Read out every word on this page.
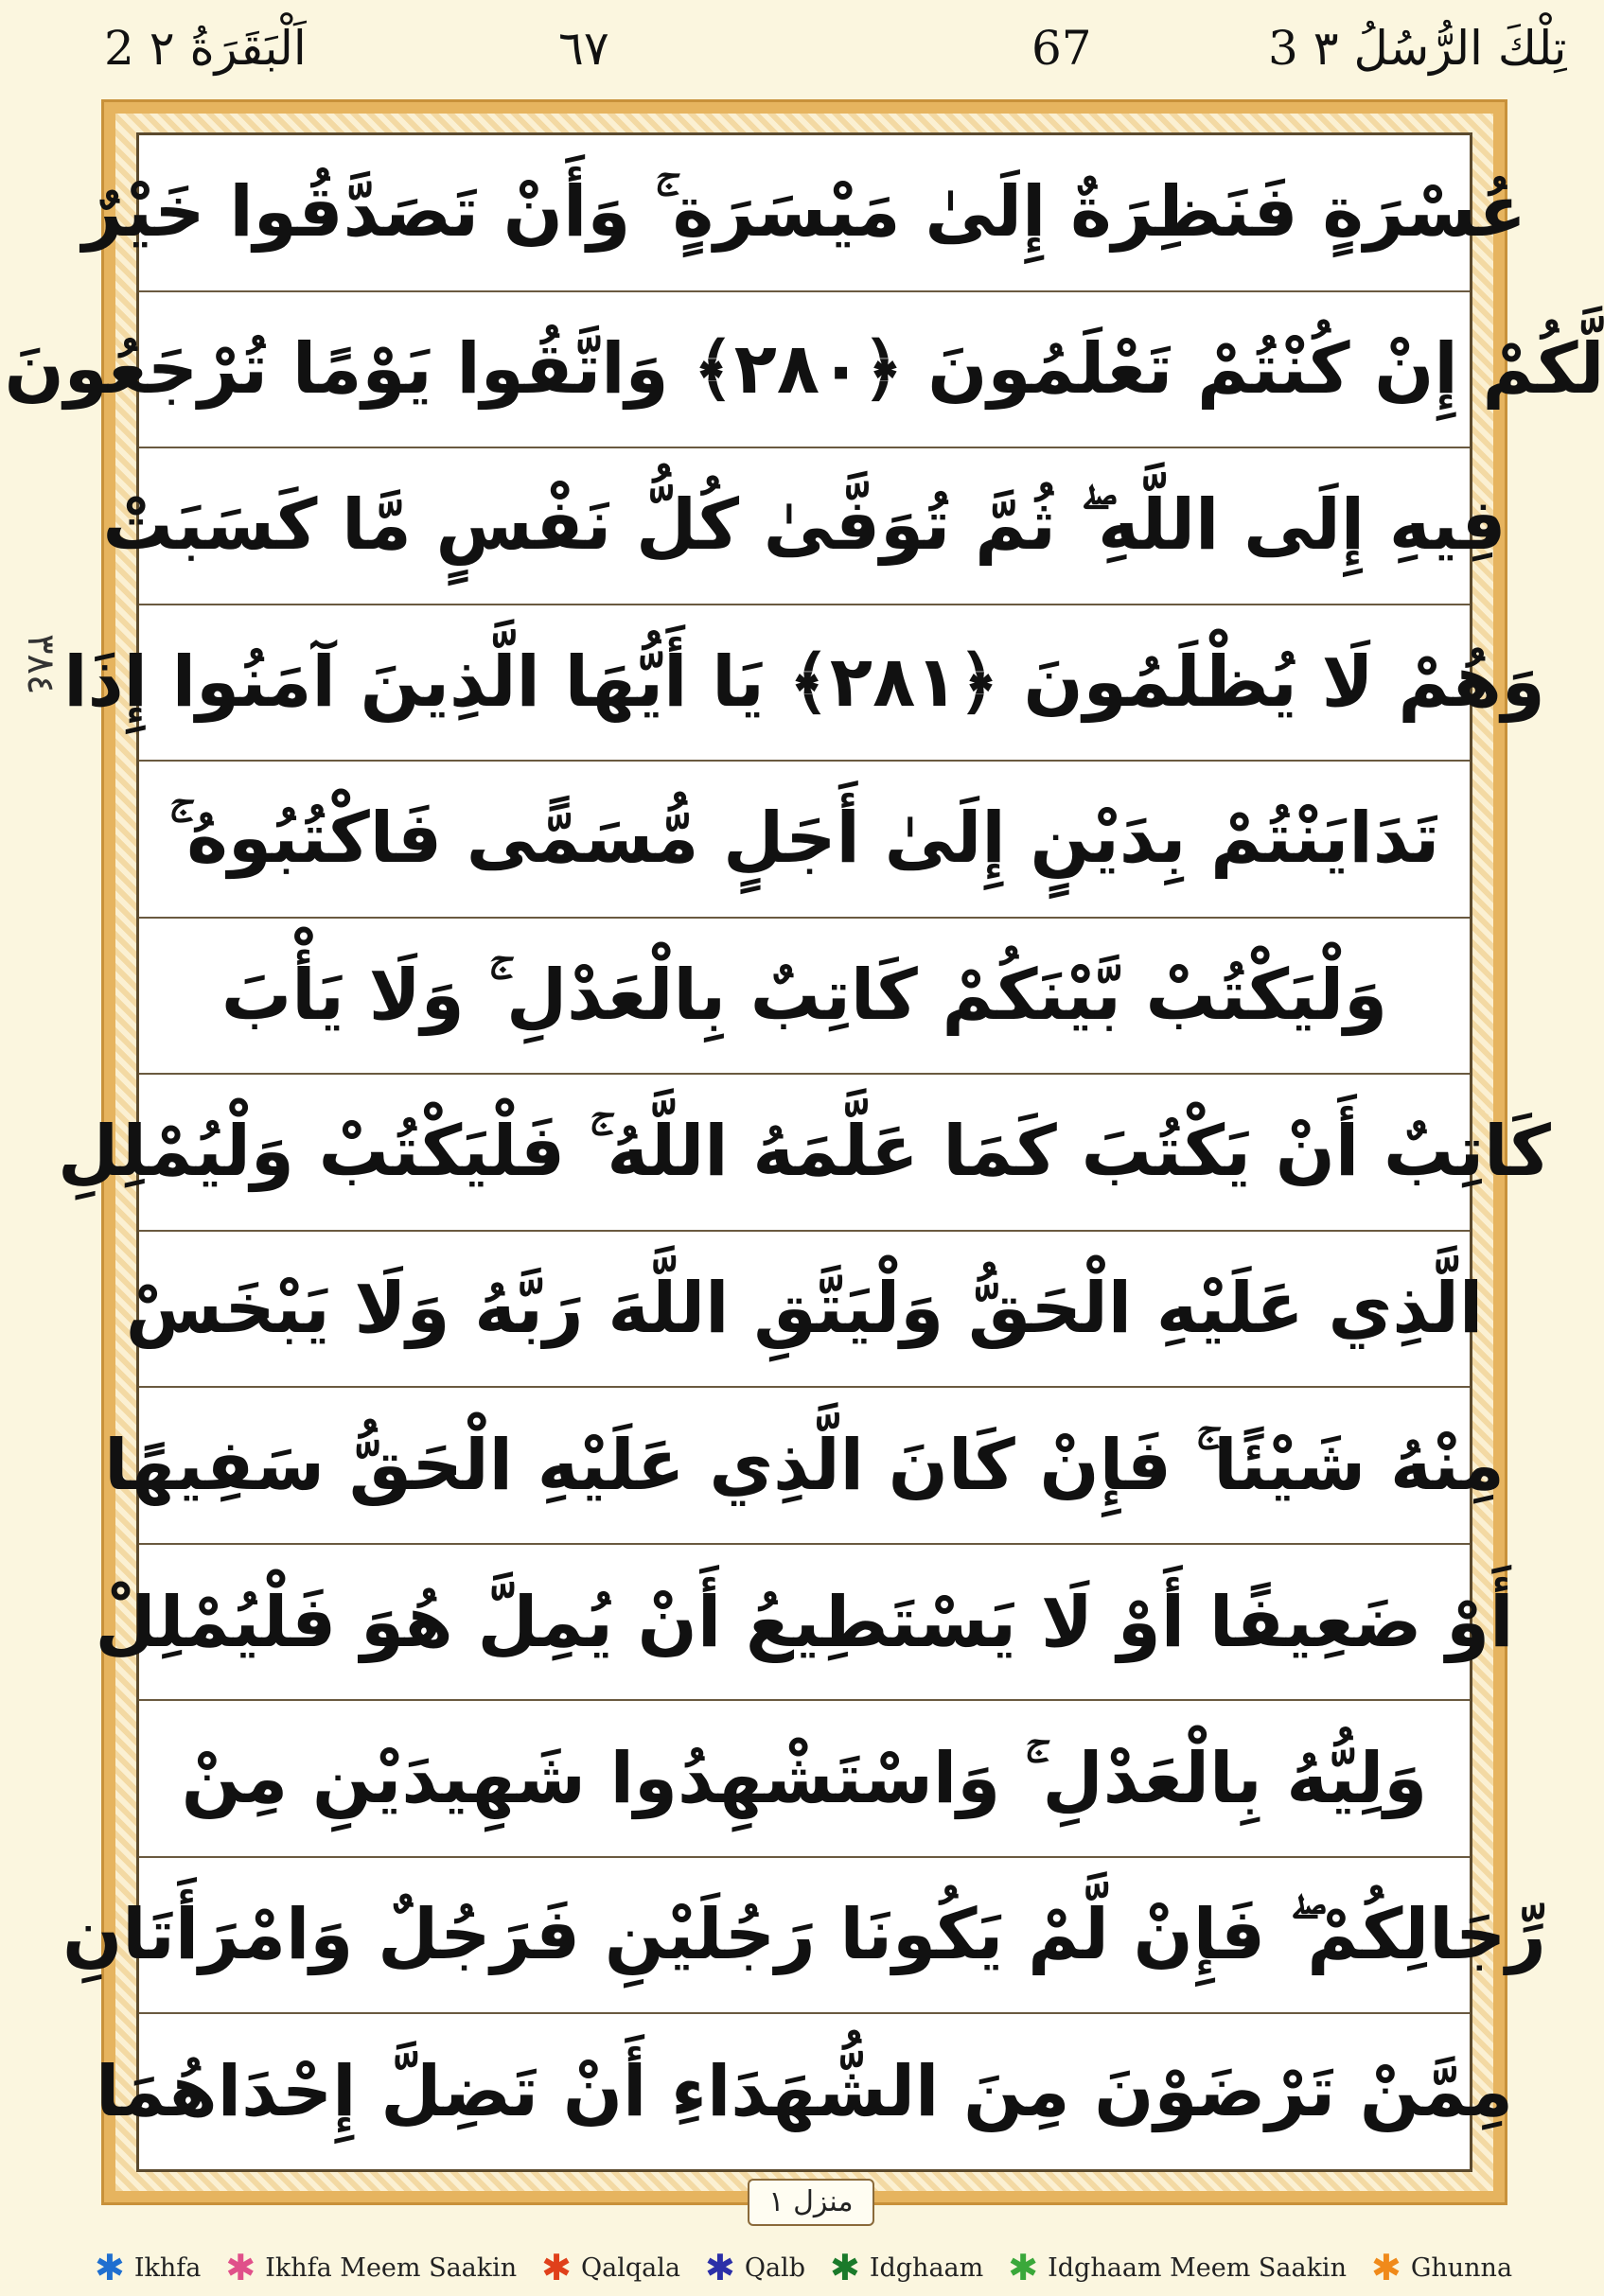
2 اَلْبَقَرَةُ ٢	٦٧	67	3 تِلْكَ الرُّسُلُ ٣
٣٨٤
عُسْرَةٍ فَنَظِرَةٌ إِلَىٰ مَيْسَرَةٍ ۚ وَأَنْ تَصَدَّقُوا خَيْرٌ
لَّكُمْ إِنْ كُنْتُمْ تَعْلَمُونَ ﴿٢٨٠﴾ وَاتَّقُوا يَوْمًا تُرْجَعُونَ
فِيهِ إِلَى اللَّهِ ۖ ثُمَّ تُوَفَّىٰ كُلُّ نَفْسٍ مَّا كَسَبَتْ
وَهُمْ لَا يُظْلَمُونَ ﴿٢٨١﴾ يَا أَيُّهَا الَّذِينَ آمَنُوا إِذَا
تَدَايَنْتُمْ بِدَيْنٍ إِلَىٰ أَجَلٍ مُّسَمًّى فَاكْتُبُوهُ ۚ
وَلْيَكْتُبْ بَّيْنَكُمْ كَاتِبٌ بِالْعَدْلِ ۚ وَلَا يَأْبَ
كَاتِبٌ أَنْ يَكْتُبَ كَمَا عَلَّمَهُ اللَّهُ ۚ فَلْيَكْتُبْ وَلْيُمْلِلِ
الَّذِي عَلَيْهِ الْحَقُّ وَلْيَتَّقِ اللَّهَ رَبَّهُ وَلَا يَبْخَسْ
مِنْهُ شَيْئًا ۚ فَإِنْ كَانَ الَّذِي عَلَيْهِ الْحَقُّ سَفِيهًا
أَوْ ضَعِيفًا أَوْ لَا يَسْتَطِيعُ أَنْ يُمِلَّ هُوَ فَلْيُمْلِلْ
وَلِيُّهُ بِالْعَدْلِ ۚ وَاسْتَشْهِدُوا شَهِيدَيْنِ مِنْ
رِّجَالِكُمْ ۖ فَإِنْ لَّمْ يَكُونَا رَجُلَيْنِ فَرَجُلٌ وَامْرَأَتَانِ
مِمَّنْ تَرْضَوْنَ مِنَ الشُّهَدَاءِ أَنْ تَضِلَّ إِحْدَاهُمَا
منزل ١
✱ Ikhfa ✱ Ikhfa Meem Saakin ✱ Qalqala ✱ Qalb ✱ Idghaam ✱ Idghaam Meem Saakin ✱ Ghunna
